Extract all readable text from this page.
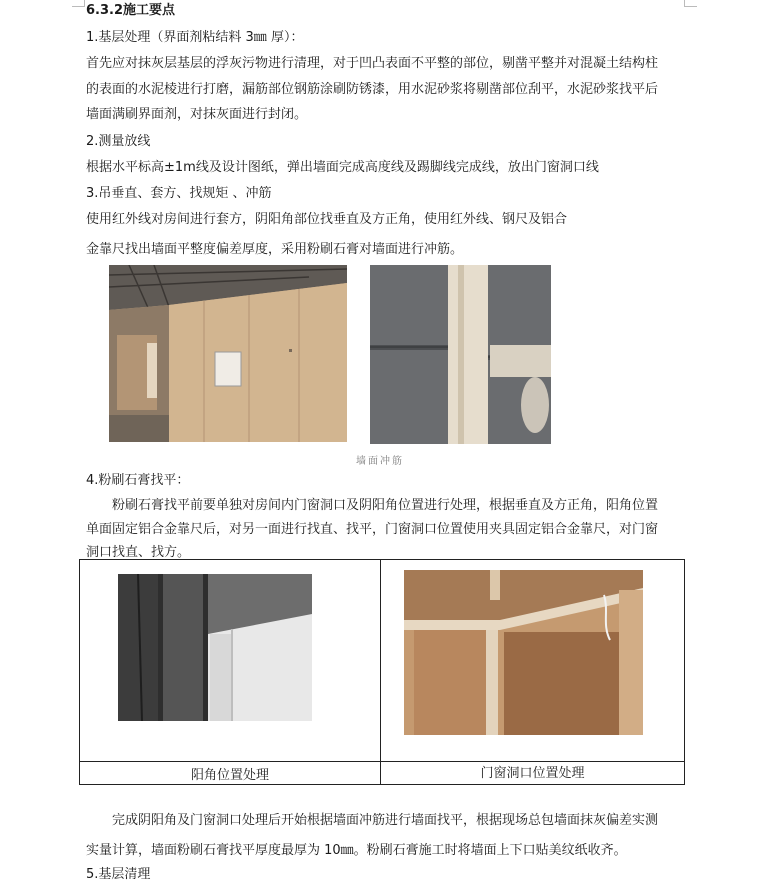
6.3.2施工要点
1.基层处理（界面剂粘结料 3㎜ 厚）：
首先应对抹灰层基层的浮灰污物进行清理，对于凹凸表面不平整的部位，剔凿平整并对混凝土结构柱
的表面的水泥棱进行打磨，漏筋部位钢筋涂刷防锈漆，用水泥砂浆将剔凿部位刮平，水泥砂浆找平后
墙面满刷界面剂，对抹灰面进行封闭。
2.测量放线
根据水平标高±1m线及设计图纸，弹出墙面完成高度线及踢脚线完成线，放出门窗洞口线
3.吊垂直、套方、找规矩 、冲筋
使用红外线对房间进行套方，阴阳角部位找垂直及方正角，使用红外线、钢尺及铝合
金靠尺找出墙面平整度偏差厚度，采用粉刷石膏对墙面进行冲筋。
墙面冲筋
4.粉刷石膏找平：
粉刷石膏找平前要单独对房间内门窗洞口及阴阳角位置进行处理，根据垂直及方正角，阳角位置
单面固定铝合金靠尺后，对另一面进行找直、找平，门窗洞口位置使用夹具固定铝合金靠尺，对门窗
洞口找直、找方。
阳角位置处理	门窗洞口位置处理
完成阴阳角及门窗洞口处理后开始根据墙面冲筋进行墙面找平，根据现场总包墙面抹灰偏差实测
实量计算，墙面粉刷石膏找平厚度最厚为 10㎜。粉刷石膏施工时将墙面上下口贴美纹纸收齐。
5.基层清理
